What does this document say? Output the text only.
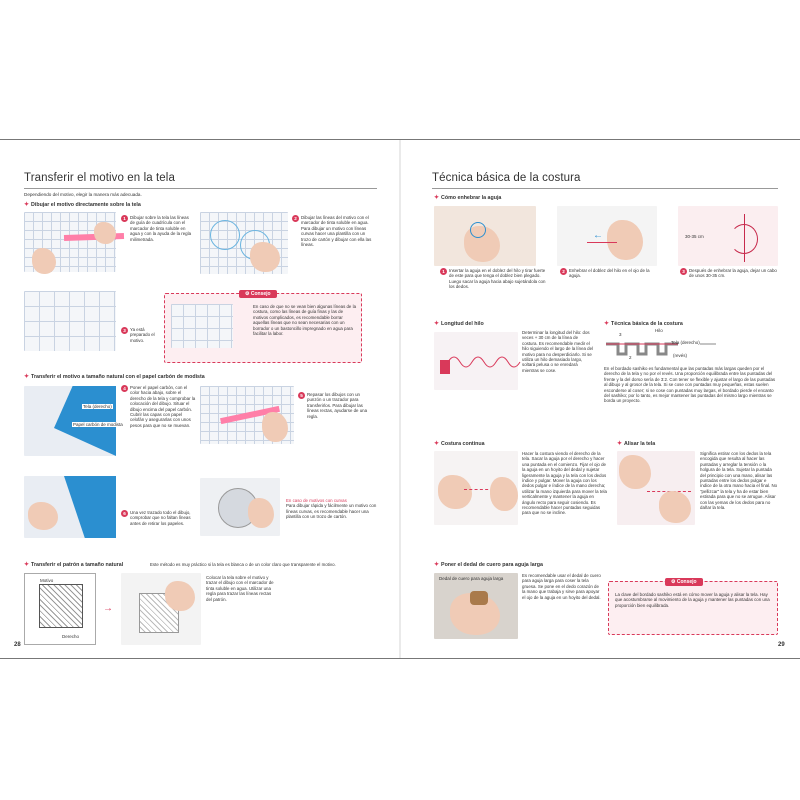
Transferir el motivo en la tela
Dependiendo del motivo, elegir la manera más adecuada.
✦ Dibujar el motivo directamente sobre la tela
1 Dibujar sobre la tela las líneas de guía de cuadrícula con el marcador de tinta soluble en agua y con la ayuda de la regla milimetrada.
2 Dibujar las líneas del motivo con el marcador de tinta soluble en agua. Para dibujar un motivo con líneas curvas hacer una plantilla con un trozo de cartón y dibujar con ella las líneas.
3 Ya está preparado el motivo.
⚙ Consejo
En caso de que no se vean bien algunas líneas de la costura, como las líneas de guía finas y las de motivos complicados, es recomendable borrar aquellas líneas que no sean necesarias con un borrador o un bastoncillo impregnado en agua para facilitar la labor.
✦ Transferir el motivo a tamaño natural con el papel carbón de modista
Tela (derecho)
Papel carbón de modista
4 Poner el papel carbón, con el color hacia abajo, sobre el derecho de la tela y comprobar la colocación del dibujo. Situar el dibujo encima del papel carbón. Cubrir las capas con papel celofán y asegurarlas con unos pesos para que no se muevan.
5 Repasar los dibujos con un punzón o un trazador para transferirlos. Para dibujar las líneas rectas, ayudarse de una regla.
6 Una vez trazado todo el dibujo, comprobar que no faltan líneas antes de retirar los papeles.
En caso de motivos con curvas
Para dibujar rápida y fácilmente un motivo con líneas curvas, es recomendable hacer una plantilla con un trozo de cartón.
✦ Transferir el patrón a tamaño natural	Este método es muy práctico si la tela es blanca o de un color claro que transparente el motivo.
Motivo
Derecho
→
Colocar la tela sobre el motivo y trazar el dibujo con el marcador de tinta soluble en agua. Utilizar una regla para trazar las líneas rectas del patrón.
28
Técnica básica de la costura
✦ Cómo enhebrar la aguja
1 Insertar la aguja en el doblez del hilo y tirar fuerte de este para que tenga el doblez bien plegado. Luego sacar la aguja hacia abajo sujetándola con los dedos.
←
2 Enhebrar el doblez del hilo en el ojo de la aguja.
30-35 cm
3 Después de enhebrar la aguja, dejar un cabo de unos 30-35 cm.
✦ Longitud del hilo
Determinar la longitud del hilo: dos veces + 30 cm de la línea de costura. Es recomendable medir el hilo siguiendo el largo de la línea del motivo para no desperdiciarlo. Si se utiliza un hilo demasiado largo, soltará pelusa o se enredará mientras se cose.
✦ Técnica básica de la costura
3
2
Hilo
Tela (derecho)
(revés)
En el bordado sashiko es fundamental que las puntadas más largas queden por el derecho de la tela y no por el revés. Una proporción equilibrada entre las puntadas del frente y la del dorso sería de 3:2. Con tener se flexible y ajustar el largo de las puntadas al dibujo y al grosor de la tela. Si se cose con puntadas muy pequeñas, estas suelen esconderse al coser; si se cose con puntadas muy largas, el bordado pierde el encanto del sashiko; por lo tanto, es mejor mantener las puntadas del mismo largo mientras se borda un proyecto.
✦ Costura continua
Hacer la costura viendo el derecho de la tela. Sacar la aguja por el derecho y hacer una puntada en el comienzo. Fijar el ojo de la aguja en un hoyito del dedal y sujetar ligeramente la aguja y la tela con los dedos índice y pulgar. Mover la aguja con los dedos pulgar e índice de la mano derecha; utilizar la mano izquierda para mover la tela verticalmente y mantener la aguja en ángulo recto para seguir cosiendo. Es recomendable hacer puntadas seguidas para que no se incline.
✦ Alisar la tela
Significa estirar con los dedos la tela encogida que resulta al hacer las puntadas y arreglar la tensión o la holgura de la tela. Sujetar la puntada del principio con una mano, alisar las puntadas entre los dedos pulgar e índice de la otra mano hacia el final. No "pellizcar" la tela y ha de estar bien estirada para que no se arrugue. Alisar con las yemas de los dedos para no dañar la tela.
✦ Poner el dedal de cuero para aguja larga
Dedal de cuero para aguja larga
Es recomendable usar el dedal de cuero para aguja larga para coser la tela gruesa. Se pone en el dedo corazón de la mano que trabaja y sirve para apoyar el ojo de la aguja en un hoyito del dedal.
⚙ Consejo
La clave del bordado sashiko está en cómo mover la aguja y alisar la tela. Hay que acostumbrarse al movimiento de la aguja y mantener las puntadas con una proporción bien equilibrada.
29
